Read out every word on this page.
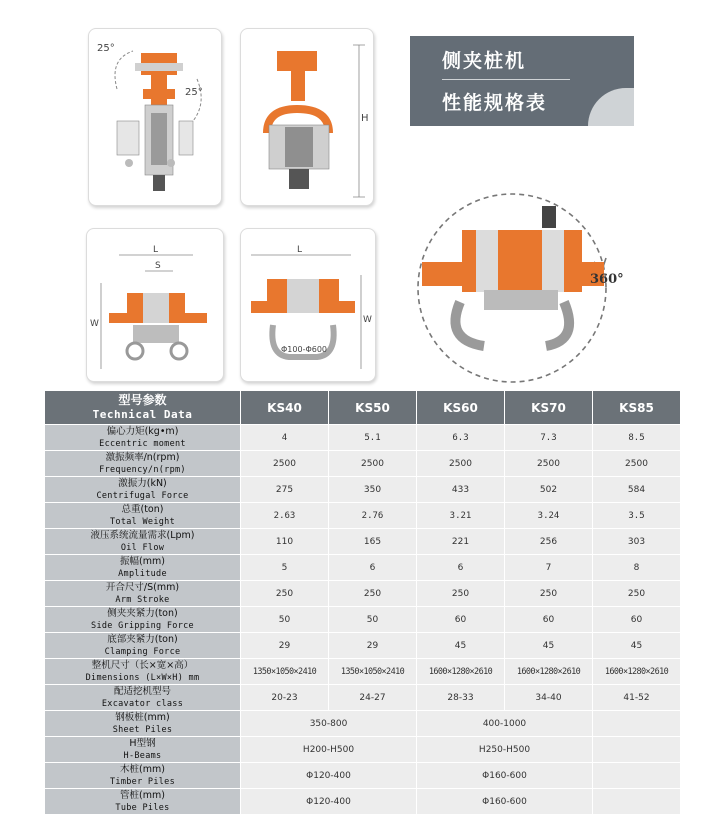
25°
25°
H
侧夹桩机
性能规格表
L
S
W
L
W
Φ100-Φ600
360°
型号参数
Technical Data	KS40	KS50	KS60	KS70	KS85

偏心力矩(kg•m)
Eccentric moment	4	5.1	6.3	7.3	8.5

激振频率/n(rpm)
Frequency/n(rpm)	2500	2500	2500	2500	2500

激振力(kN)
Centrifugal Force	275	350	433	502	584

总重(ton)
Total Weight	2.63	2.76	3.21	3.24	3.5

液压系统流量需求(Lpm)
Oil Flow	110	165	221	256	303

振幅(mm)
Amplitude	5	6	6	7	8

开合尺寸/S(mm)
Arm Stroke	250	250	250	250	250

侧夹夹紧力(ton)
Side Gripping Force	50	50	60	60	60

底部夹紧力(ton)
Clamping Force	29	29	45	45	45

整机尺寸（长×宽×高）
Dimensions (L×W×H) mm	1350×1050×2410	1350×1050×2410	1600×1280×2610	1600×1280×2610	1600×1280×2610

配适挖机型号
Excavator class	20-23	24-27	28-33	34-40	41-52

钢板桩(mm)
Sheet Piles	350-800		400-1000		

H型钢
H-Beams	H200-H500		H250-H500		

木桩(mm)
Timber Piles	Φ120-400		Φ160-600		

管桩(mm)
Tube Piles	Φ120-400		Φ160-600		
